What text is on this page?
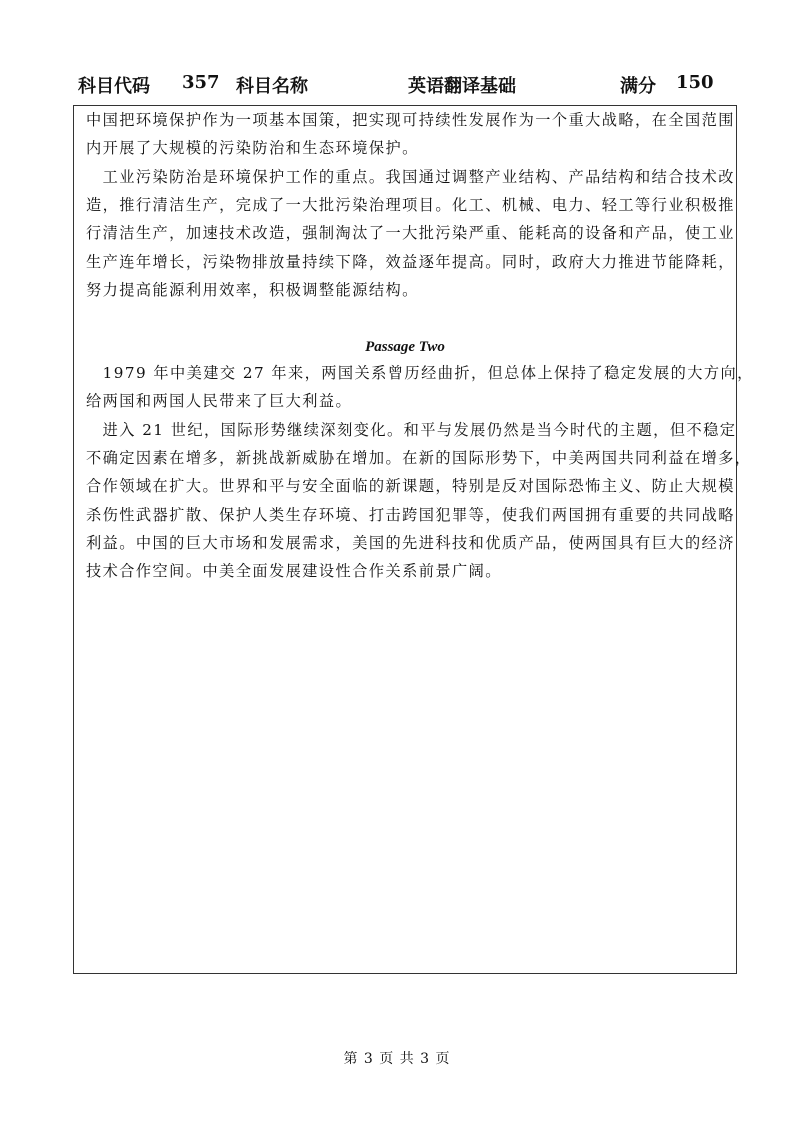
科目代码 357 科目名称	英语翻译基础	满分 150
中国把环境保护作为一项基本国策，把实现可持续性发展作为一个重大战略，在全国范围
内开展了大规模的污染防治和生态环境保护。
　工业污染防治是环境保护工作的重点。我国通过调整产业结构、产品结构和结合技术改
造，推行清洁生产，完成了一大批污染治理项目。化工、机械、电力、轻工等行业积极推
行清洁生产，加速技术改造，强制淘汰了一大批污染严重、能耗高的设备和产品，使工业
生产连年增长，污染物排放量持续下降，效益逐年提高。同时，政府大力推进节能降耗，
努力提高能源利用效率，积极调整能源结构。
Passage Two
　1979 年中美建交 27 年来，两国关系曾历经曲折，但总体上保持了稳定发展的大方向，
给两国和两国人民带来了巨大利益。
　进入 21 世纪，国际形势继续深刻变化。和平与发展仍然是当今时代的主题，但不稳定
不确定因素在增多，新挑战新威胁在增加。在新的国际形势下，中美两国共同利益在增多，
合作领域在扩大。世界和平与安全面临的新课题，特别是反对国际恐怖主义、防止大规模
杀伤性武器扩散、保护人类生存环境、打击跨国犯罪等，使我们两国拥有重要的共同战略
利益。中国的巨大市场和发展需求，美国的先进科技和优质产品，使两国具有巨大的经济
技术合作空间。中美全面发展建设性合作关系前景广阔。
第 3 页 共 3 页
